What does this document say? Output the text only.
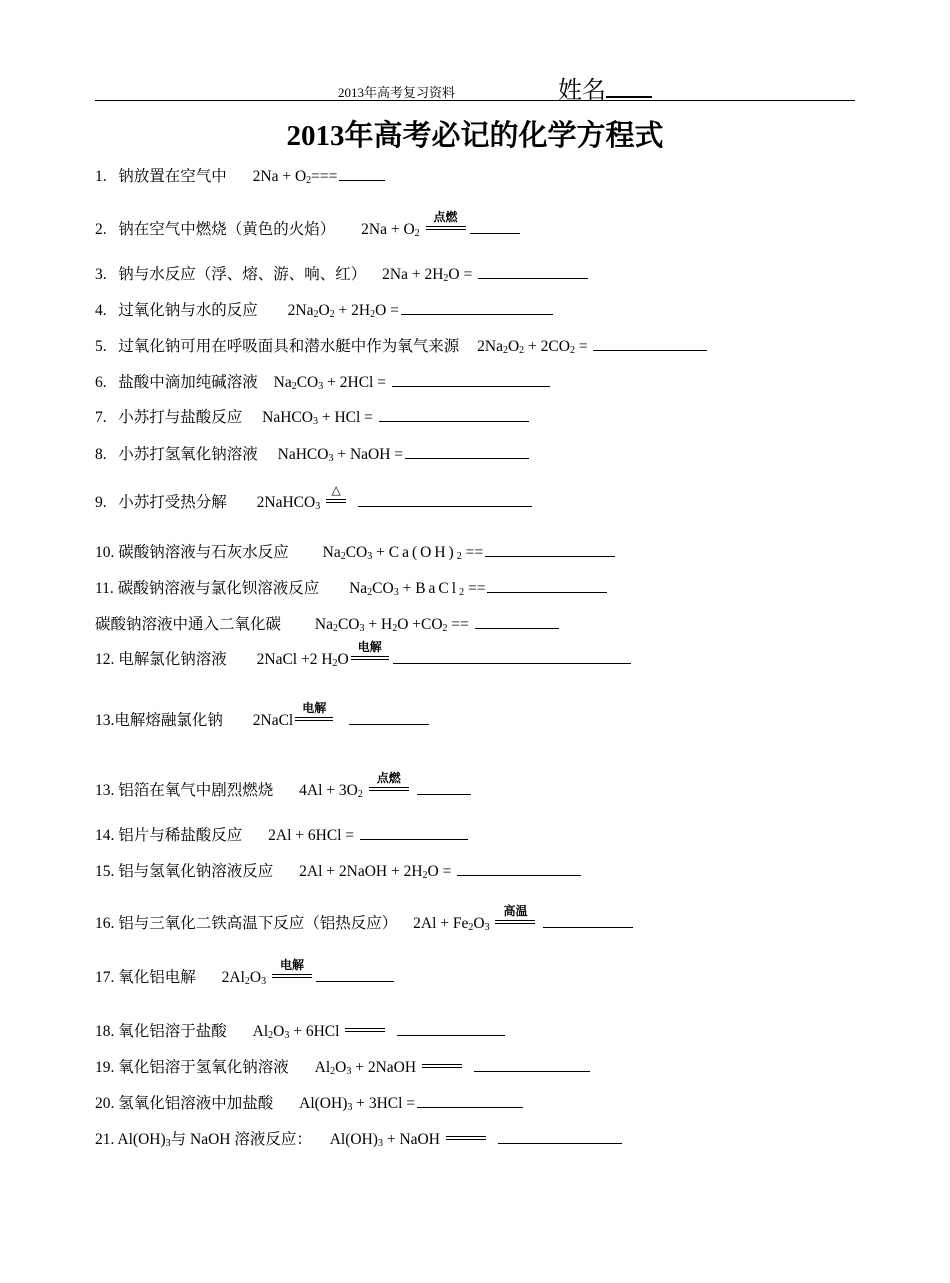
2013年高考复习资料	姓名
2013年高考必记的化学方程式
1. 钠放置在空气中 $2Na + O_2===$
2. 钠在空气中燃烧（黄色的火焰） $2Na + O_2$
点燃
3. 钠与水反应（浮、熔、游、响、红） $2Na + 2H_2O$ =
4. 过氧化钠与水的反应 $2Na_2O_2 + 2H_2O$ =
5. 过氧化钠可用在呼吸面具和潜水艇中作为氧气来源 $2Na_2O_2 + 2CO_2$ =
6. 盐酸中滴加纯碱溶液 $Na_2CO_3 + 2HCl$ =
7. 小苏打与盐酸反应 NaHCO$_3$ + HCl =
8. 小苏打氢氧化钠溶液 NaHCO$_3$ + NaOH =
9. 小苏打受热分解 2NaHCO$_3$
△

10. 碳酸钠溶液与石灰水反应 $Na_2CO_3 + Ca(OH)_2$ ==
11. 碳酸钠溶液与氯化钡溶液反应 $Na_2CO_3$ + BaCl$_2$ ==
碳酸钠溶液中通入二氧化碳 $Na_2CO_3 + H_2O +CO_2$ ==
12. 电解氯化钠溶液 2NaCl +2 $H_2O$
电解
13.电解熔融氯化钠 2NaCl
电解

13. 铝箔在氧气中剧烈燃烧 $4Al + 3O_2$
点燃

14. 铝片与稀盐酸反应 2Al + 6HCl =
15. 铝与氢氧化钠溶液反应 2Al + 2NaOH + $2H_2O$ =
16. 铝与三氧化二铁高温下反应（铝热反应） $2Al + Fe_2O_3$
高温

17. 氧化铝电解 $2Al_2O_3$
电解
18. 氧化铝溶于盐酸 $Al_2O_3 + 6HCl$

19. 氧化铝溶于氢氧化钠溶液 $Al_2O_3$ + 2NaOH

20. 氢氧化铝溶液中加盐酸 $Al(OH)_3 + 3HCl$ =
21. $Al(OH)_3$与 NaOH 溶液反应： $Al(OH)_3$ + NaOH
